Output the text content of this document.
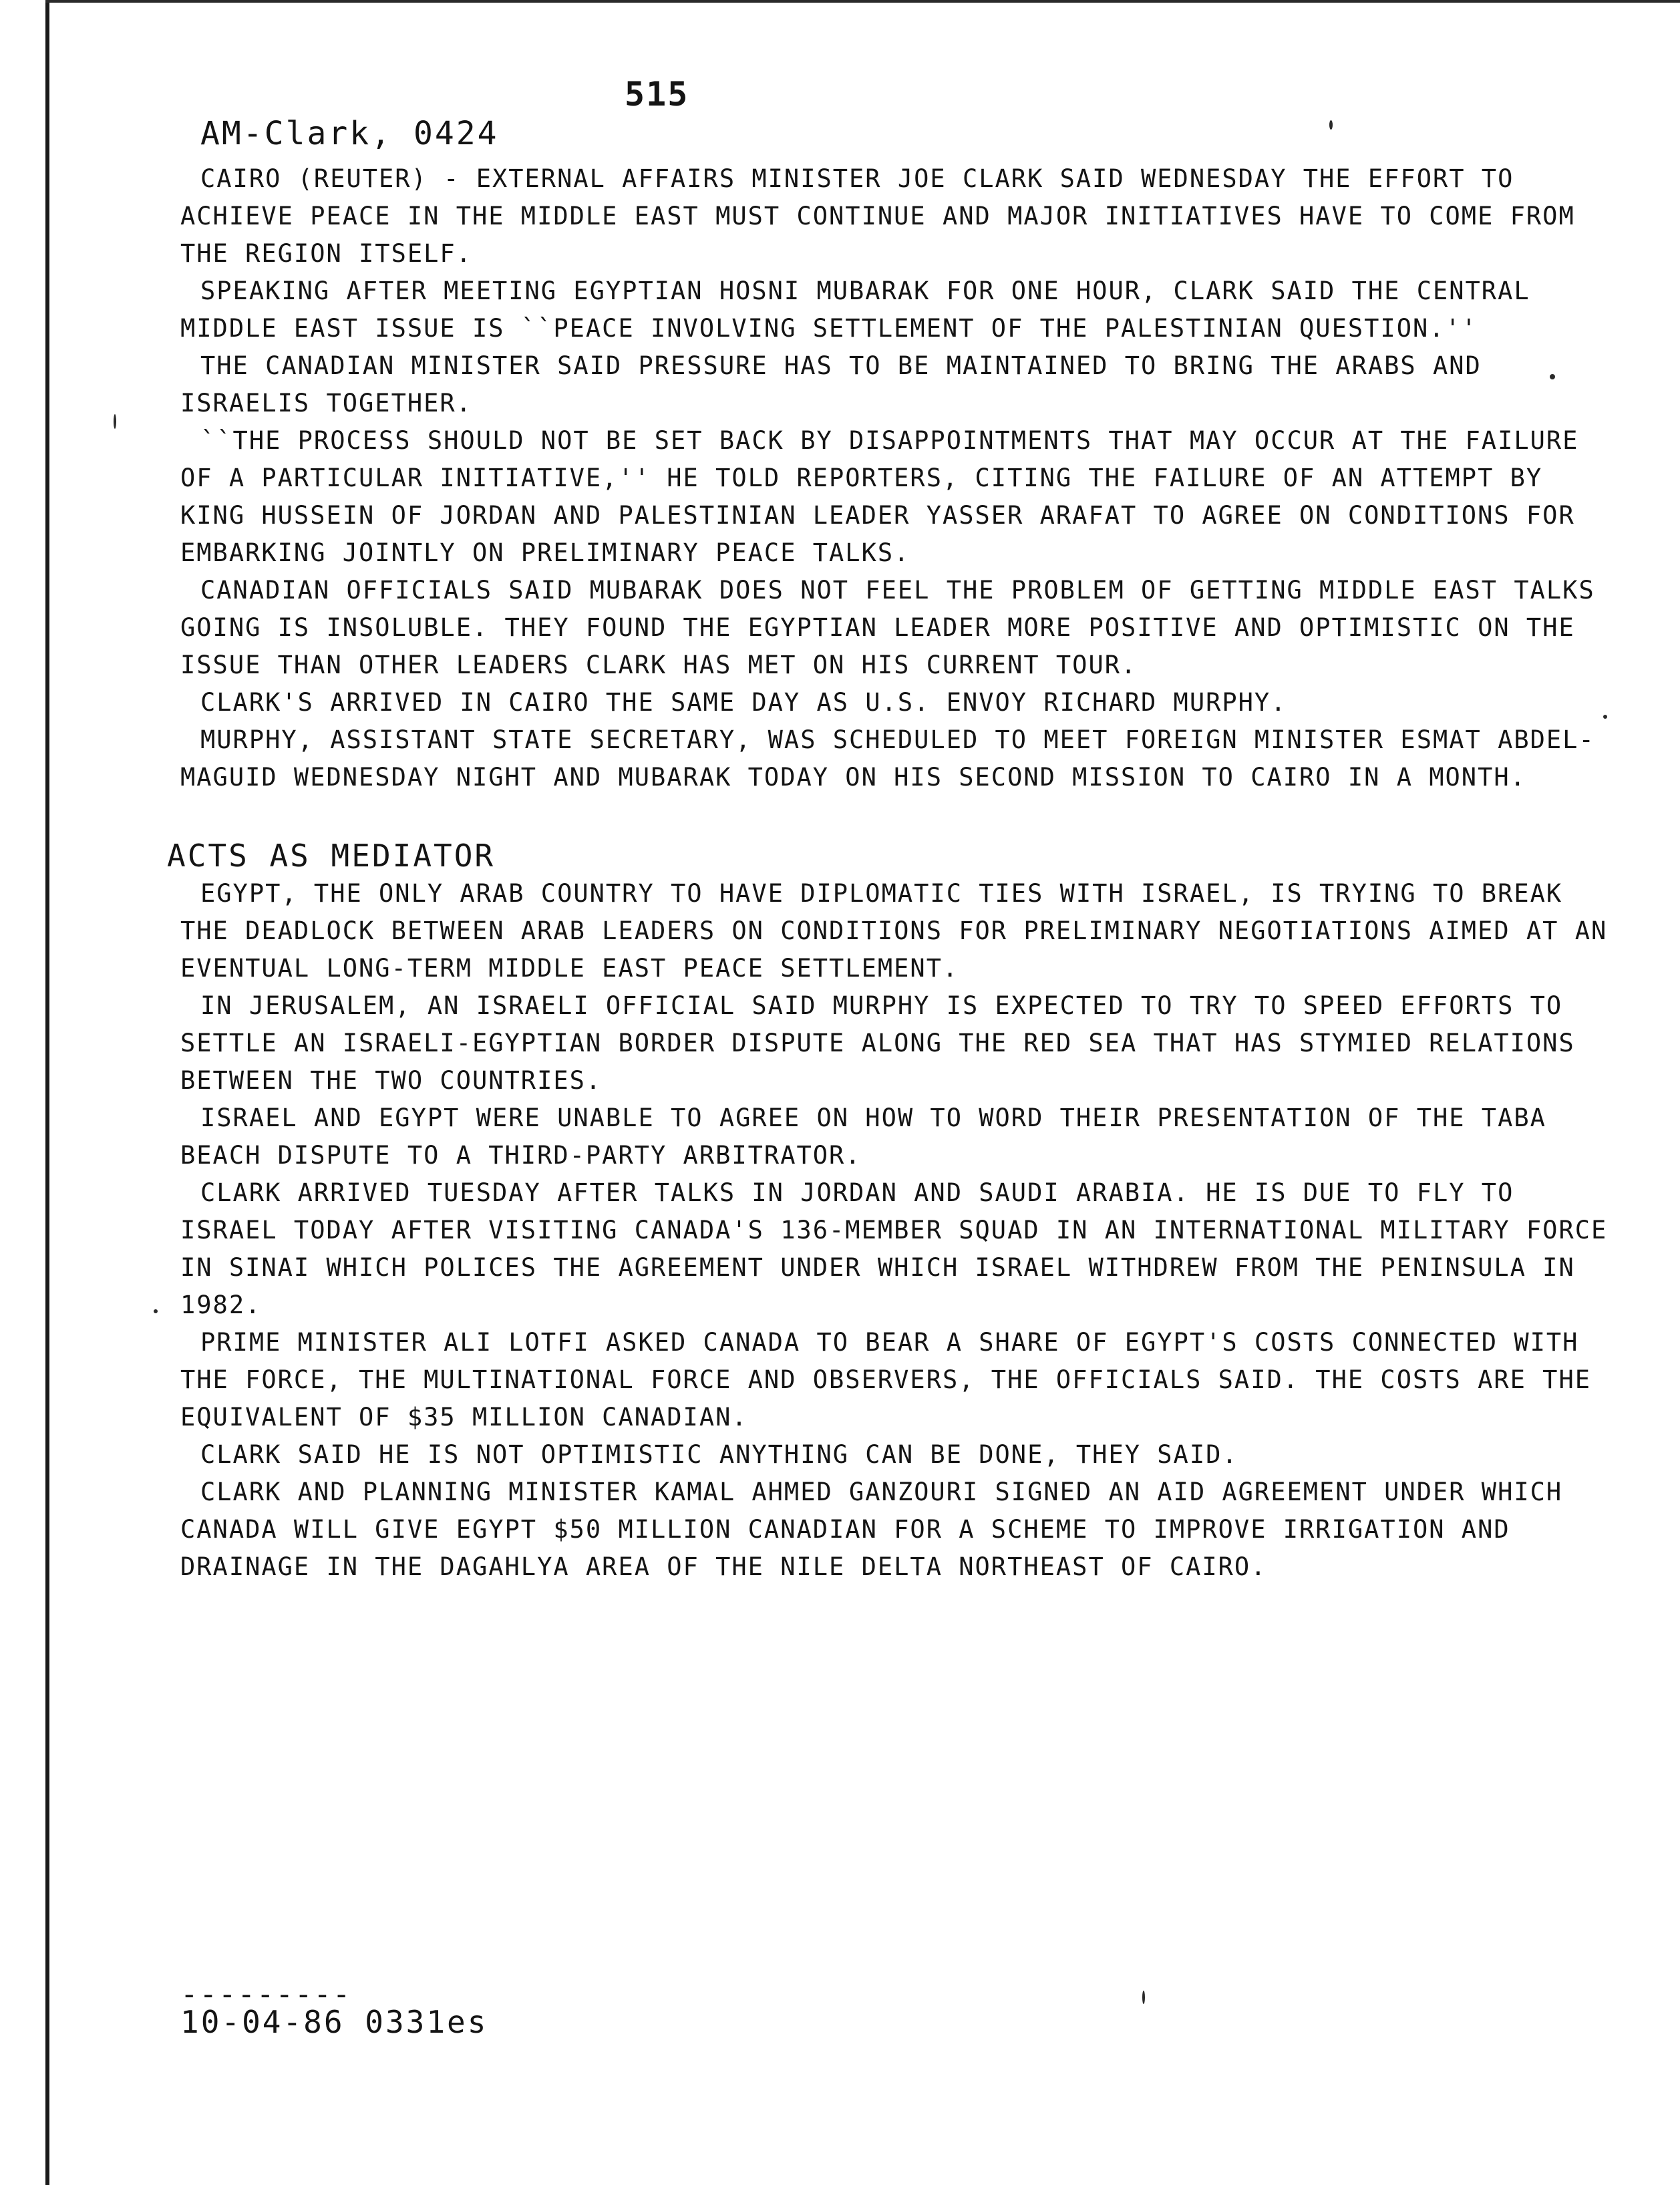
515
AM-Clark, 0424

CAIRO (REUTER) - EXTERNAL AFFAIRS MINISTER JOE CLARK SAID WEDNESDAY THE EFFORT TO ACHIEVE PEACE IN THE MIDDLE EAST MUST CONTINUE AND MAJOR INITIATIVES HAVE TO COME FROM THE REGION ITSELF.

SPEAKING AFTER MEETING EGYPTIAN HOSNI MUBARAK FOR ONE HOUR, CLARK SAID THE CENTRAL MIDDLE EAST ISSUE IS ``PEACE INVOLVING SETTLEMENT OF THE PALESTINIAN QUESTION.''

THE CANADIAN MINISTER SAID PRESSURE HAS TO BE MAINTAINED TO BRING THE ARABS AND ISRAELIS TOGETHER.

``THE PROCESS SHOULD NOT BE SET BACK BY DISAPPOINTMENTS THAT MAY OCCUR AT THE FAILURE OF A PARTICULAR INITIATIVE,'' HE TOLD REPORTERS, CITING THE FAILURE OF AN ATTEMPT BY KING HUSSEIN OF JORDAN AND PALESTINIAN LEADER YASSER ARAFAT TO AGREE ON CONDITIONS FOR EMBARKING JOINTLY ON PRELIMINARY PEACE TALKS.

CANADIAN OFFICIALS SAID MUBARAK DOES NOT FEEL THE PROBLEM OF GETTING MIDDLE EAST TALKS GOING IS INSOLUBLE. THEY FOUND THE EGYPTIAN LEADER MORE POSITIVE AND OPTIMISTIC ON THE ISSUE THAN OTHER LEADERS CLARK HAS MET ON HIS CURRENT TOUR.

CLARK'S ARRIVED IN CAIRO THE SAME DAY AS U.S. ENVOY RICHARD MURPHY.

MURPHY, ASSISTANT STATE SECRETARY, WAS SCHEDULED TO MEET FOREIGN MINISTER ESMAT ABDEL-MAGUID WEDNESDAY NIGHT AND MUBARAK TODAY ON HIS SECOND MISSION TO CAIRO IN A MONTH.

ACTS AS MEDIATOR

EGYPT, THE ONLY ARAB COUNTRY TO HAVE DIPLOMATIC TIES WITH ISRAEL, IS TRYING TO BREAK THE DEADLOCK BETWEEN ARAB LEADERS ON CONDITIONS FOR PRELIMINARY NEGOTIATIONS AIMED AT AN EVENTUAL LONG-TERM MIDDLE EAST PEACE SETTLEMENT.

IN JERUSALEM, AN ISRAELI OFFICIAL SAID MURPHY IS EXPECTED TO TRY TO SPEED EFFORTS TO SETTLE AN ISRAELI-EGYPTIAN BORDER DISPUTE ALONG THE RED SEA THAT HAS STYMIED RELATIONS BETWEEN THE TWO COUNTRIES.

ISRAEL AND EGYPT WERE UNABLE TO AGREE ON HOW TO WORD THEIR PRESENTATION OF THE TABA BEACH DISPUTE TO A THIRD-PARTY ARBITRATOR.

CLARK ARRIVED TUESDAY AFTER TALKS IN JORDAN AND SAUDI ARABIA. HE IS DUE TO FLY TO ISRAEL TODAY AFTER VISITING CANADA'S 136-MEMBER SQUAD IN AN INTERNATIONAL MILITARY FORCE IN SINAI WHICH POLICES THE AGREEMENT UNDER WHICH ISRAEL WITHDREW FROM THE PENINSULA IN 1982.

PRIME MINISTER ALI LOTFI ASKED CANADA TO BEAR A SHARE OF EGYPT'S COSTS CONNECTED WITH THE FORCE, THE MULTINATIONAL FORCE AND OBSERVERS, THE OFFICIALS SAID. THE COSTS ARE THE EQUIVALENT OF $35 MILLION CANADIAN.

CLARK SAID HE IS NOT OPTIMISTIC ANYTHING CAN BE DONE, THEY SAID.

CLARK AND PLANNING MINISTER KAMAL AHMED GANZOURI SIGNED AN AID AGREEMENT UNDER WHICH CANADA WILL GIVE EGYPT $50 MILLION CANADIAN FOR A SCHEME TO IMPROVE IRRIGATION AND DRAINAGE IN THE DAGAHLYA AREA OF THE NILE DELTA NORTHEAST OF CAIRO.

---------
10-04-86 0331es
